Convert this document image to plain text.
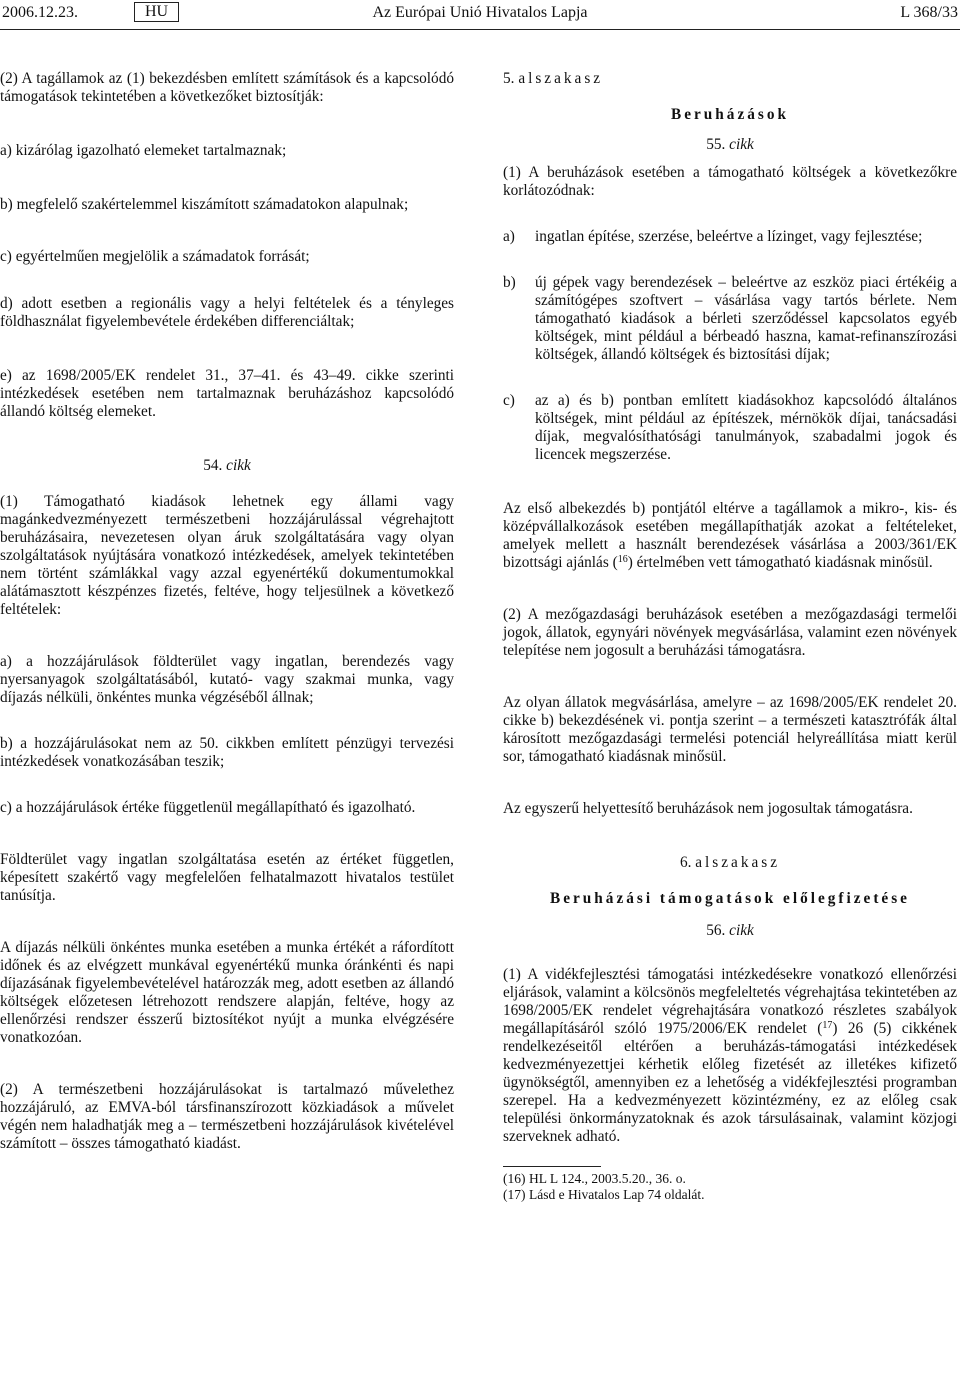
2006.12.23.	HU	Az Európai Unió Hivatalos Lapja	L 368/33

(2) A tagállamok az (1) bekezdésben említett számítások és a kapcsolódó támogatások tekintetében a következőket biztosítják:

a) kizárólag igazolható elemeket tartalmaznak;

b) megfelelő szakértelemmel kiszámított számadatokon alapulnak;

c) egyértelműen megjelölik a számadatok forrását;

d) adott esetben a regionális vagy a helyi feltételek és a tényleges földhasználat figyelembevétele érdekében differenciáltak;

e) az 1698/2005/EK rendelet 31., 37–41. és 43–49. cikke szerinti intézkedések esetében nem tartalmaznak beruházáshoz kapcsolódó állandó költség elemeket.

54. cikk

(1) Támogatható kiadások lehetnek egy állami vagy magánkedvezményezett természetbeni hozzájárulással végrehajtott beruházásaira, nevezetesen olyan áruk szolgáltatására vagy olyan szolgáltatások nyújtására vonatkozó intézkedések, amelyek tekintetében nem történt számlákkal vagy azzal egyenértékű dokumentumokkal alátámasztott készpénzes fizetés, feltéve, hogy teljesülnek a következő feltételek:

a) a hozzájárulások földterület vagy ingatlan, berendezés vagy nyersanyagok szolgáltatásából, kutató- vagy szakmai munka, vagy díjazás nélküli, önkéntes munka végzéséből állnak;

b) a hozzájárulásokat nem az 50. cikkben említett pénzügyi tervezési intézkedések vonatkozásában teszik;

c) a hozzájárulások értéke függetlenül megállapítható és igazolható.

Földterület vagy ingatlan szolgáltatása esetén az értéket független, képesített szakértő vagy megfelelően felhatalmazott hivatalos testület tanúsítja.

A díjazás nélküli önkéntes munka esetében a munka értékét a ráfordított időnek és az elvégzett munkával egyenértékű munka óránkénti és napi díjazásának figyelembevételével határozzák meg, adott esetben az állandó költségek előzetesen létrehozott rendszere alapján, feltéve, hogy az ellenőrzési rendszer ésszerű biztosítékot nyújt a munka elvégzésére vonatkozóan.

(2) A természetbeni hozzájárulásokat is tartalmazó művelethez hozzájáruló, az EMVA-ból társfinanszírozott közkiadások a művelet végén nem haladhatják meg a – természetbeni hozzájárulások kivételével számított – összes támogatható kiadást.

5. alszakasz

Beruházások

55. cikk

(1) A beruházások esetében a támogatható költségek a következőkre korlátozódnak:

a)	ingatlan építése, szerzése, beleértve a lízinget, vagy fejlesztése;
b)	új gépek vagy berendezések – beleértve az eszköz piaci értékéig a számítógépes szoftvert – vásárlása vagy tartós bérlete. Nem támogatható kiadások a bérleti szerződéssel kapcsolatos egyéb költségek, mint például a bérbeadó haszna, kamat-refinanszírozási költségek, állandó költségek és biztosítási díjak;
c)	az a) és b) pontban említett kiadásokhoz kapcsolódó általános költségek, mint például az építészek, mérnökök díjai, tanácsadási díjak, megvalósíthatósági tanulmányok, szabadalmi jogok és licencek megszerzése.

Az első albekezdés b) pontjától eltérve a tagállamok a mikro-, kis- és középvállalkozások esetében megállapíthatják azokat a feltételeket, amelyek mellett a használt berendezések vásárlása a 2003/361/EK bizottsági ajánlás ($^{16}$) értelmében vett támogatható kiadásnak minősül.

(2) A mezőgazdasági beruházások esetében a mezőgazdasági termelői jogok, állatok, egynyári növények megvásárlása, valamint ezen növények telepítése nem jogosult a beruházási támogatásra.

Az olyan állatok megvásárlása, amelyre – az 1698/2005/EK rendelet 20. cikke b) bekezdésének vi. pontja szerint – a természeti katasztrófák által károsított mezőgazdasági termelési potenciál helyreállítása miatt kerül sor, támogatható kiadásnak minősül.

Az egyszerű helyettesítő beruházások nem jogosultak támogatásra.

6. alszakasz

Beruházási támogatások előlegfizetése

56. cikk

(1) A vidékfejlesztési támogatási intézkedésekre vonatkozó ellenőrzési eljárások, valamint a kölcsönös megfeleltetés végrehajtása tekintetében az 1698/2005/EK rendelet végrehajtására vonatkozó részletes szabályok megállapításáról szóló 1975/2006/EK rendelet ($^{17}$) 26 (5) cikkének rendelkezéseitől eltérően a beruházás-támogatási intézkedések kedvezményezettjei kérhetik előleg fizetését az illetékes kifizető ügynökségtől, amennyiben ez a lehetőség a vidékfejlesztési programban szerepel. Ha a kedvezményezett közintézmény, ez az előleg csak települési önkormányzatoknak és azok társulásainak, valamint közjogi szerveknek adható.

(16) HL L 124., 2003.5.20., 36. o.
(17) Lásd e Hivatalos Lap 74 oldalát.
